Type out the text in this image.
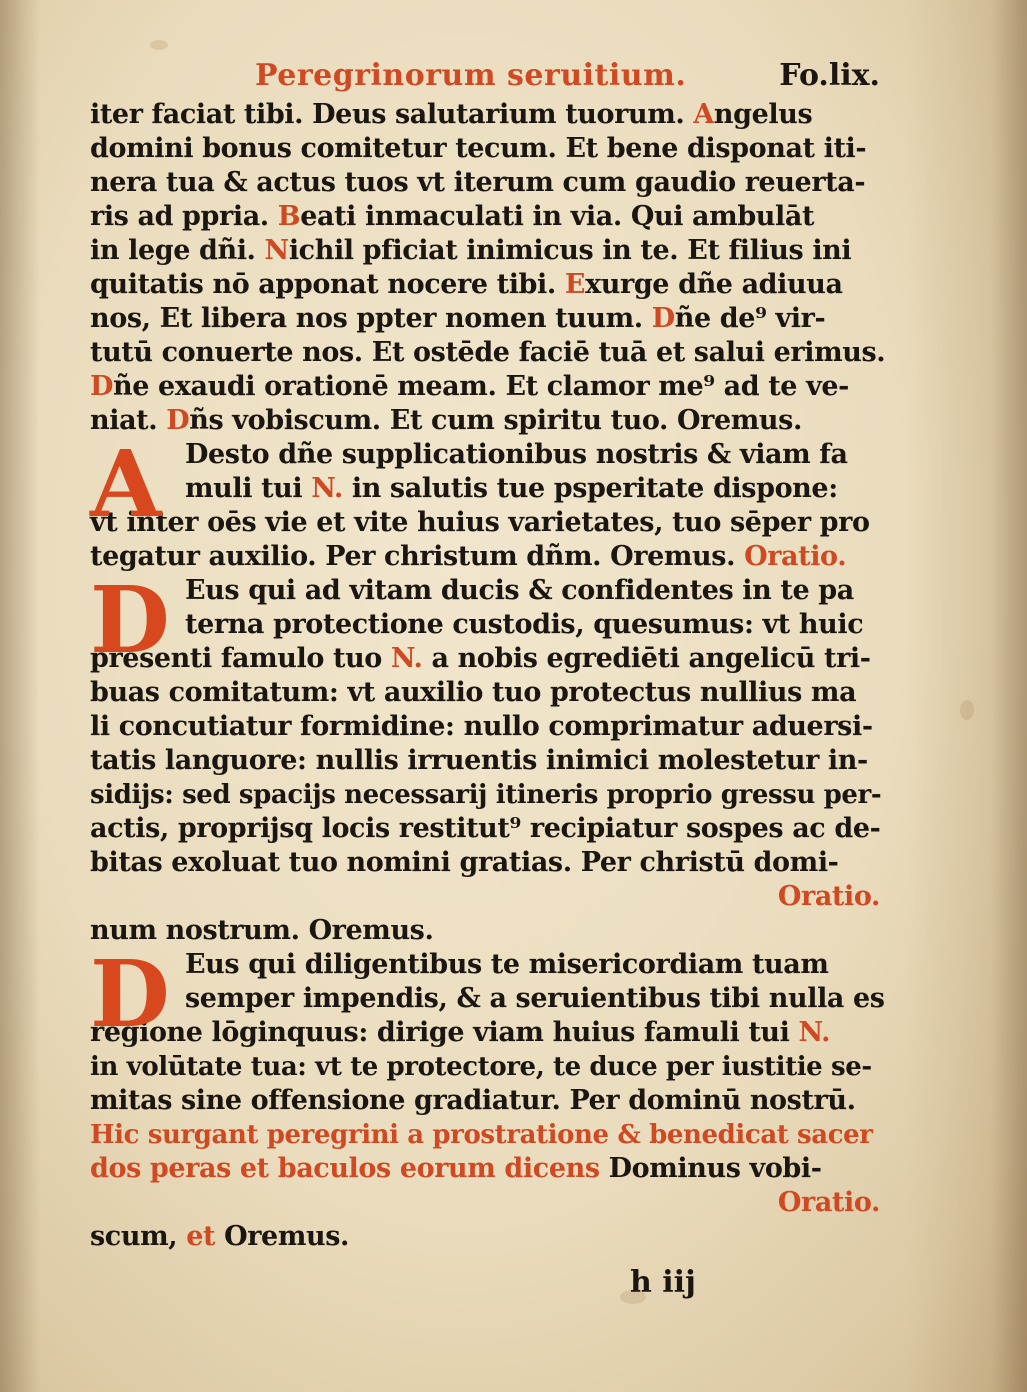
Peregrinorum seruitium.	Fo.lix.
iter faciat tibi. Deus salutarium tuorum. Angelus
domini bonus comitetur tecum. Et bene disponat iti-
nera tua & actus tuos vt iterum cum gaudio reuerta-
ris ad ppria. Beati inmaculati in via. Qui ambulāt
in lege dñi. Nichil pficiat inimicus in te. Et filius ini
quitatis nō apponat nocere tibi. Exurge dñe adiuua
nos, Et libera nos ppter nomen tuum. Dñe de⁹ vir-
tutū conuerte nos. Et ostēde faciē tuā et salui erimus.
Dñe exaudi orationē meam. Et clamor me⁹ ad te ve-
niat. Dñs vobiscum. Et cum spiritu tuo. Oremus.
A Desto dñe supplicationibus nostris & viam fa
muli tui N. in salutis tue psperitate dispone:
vt inter oēs vie et vite huius varietates, tuo sēper pro
tegatur auxilio. Per christum dñm. Oremus. Oratio.
D Eus qui ad vitam ducis & confidentes in te pa
terna protectione custodis, quesumus: vt huic
presenti famulo tuo N. a nobis egrediēti angelicū tri-
buas comitatum: vt auxilio tuo protectus nullius ma
li concutiatur formidine: nullo comprimatur aduersi-
tatis languore: nullis irruentis inimici molestetur in-
sidijs: sed spacijs necessarij itineris proprio gressu per-
actis, proprijsq̧ locis restitut⁹ recipiatur sospes ac de-
bitas exoluat tuo nomini gratias. Per christū domi-
Oratio.
num nostrum. Oremus.
D Eus qui diligentibus te misericordiam tuam
semper impendis, & a seruientibus tibi nulla es
regione lōginquus: dirige viam huius famuli tui N.
in volūtate tua: vt te protectore, te duce per iustitie se-
mitas sine offensione gradiatur. Per dominū nostrū.
Hic surgant peregrini a prostratione & benedicat sacer
dos peras et baculos eorum dicens Dominus vobi-
Oratio.
scum, et Oremus.
h iij
